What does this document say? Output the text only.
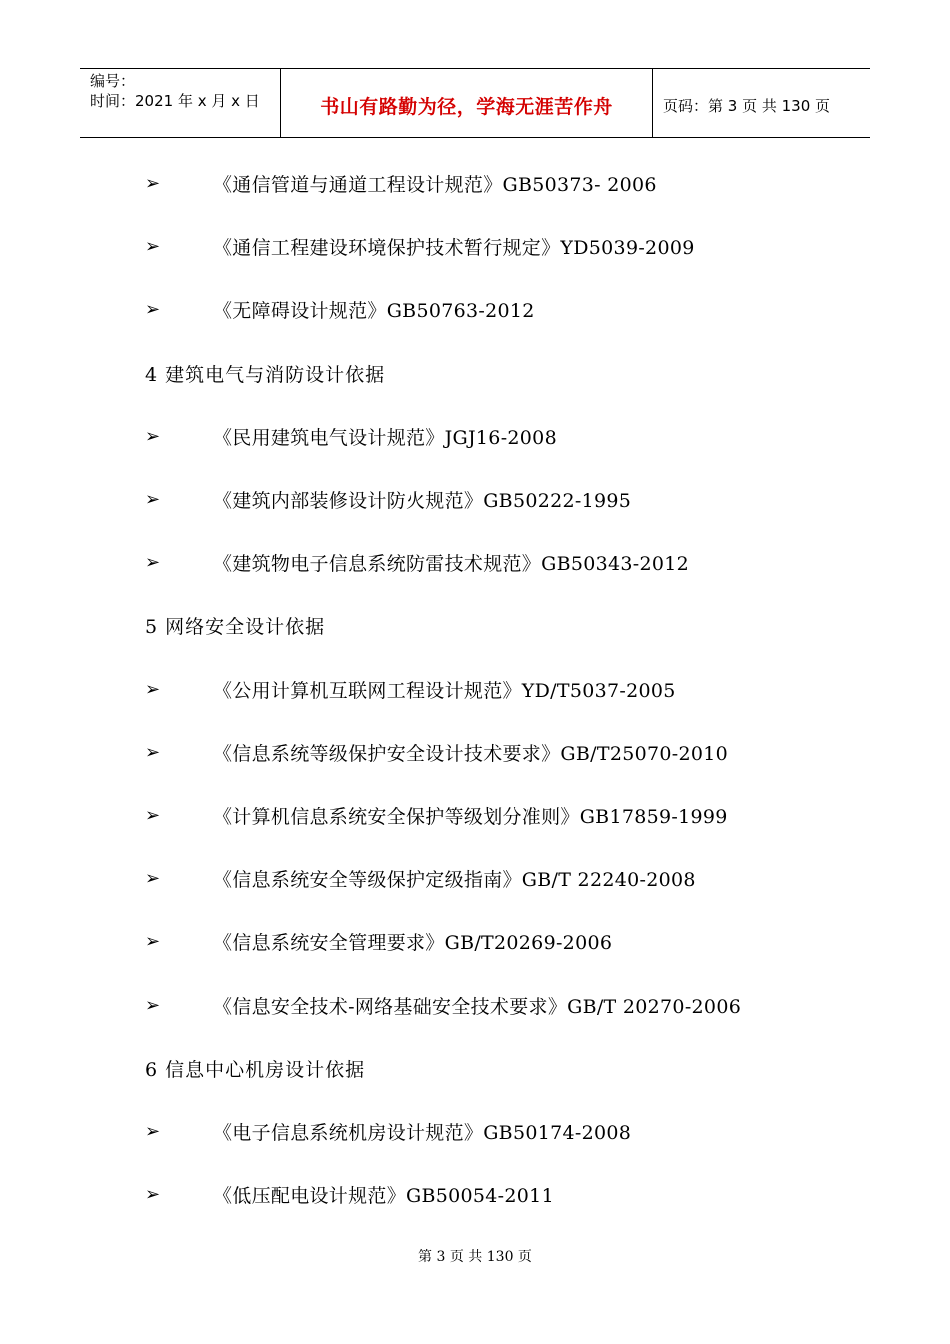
编号：
时间：2021 年 x 月 x 日	书山有路勤为径，学海无涯苦作舟	页码：第 3 页 共 130 页
➢	《通信管道与通道工程设计规范》GB50373- 2006
➢	《通信工程建设环境保护技术暂行规定》YD5039-2009
➢	《无障碍设计规范》GB50763-2012
4 建筑电气与消防设计依据
➢	《民用建筑电气设计规范》JGJ16-2008
➢	《建筑内部装修设计防火规范》GB50222-1995
➢	《建筑物电子信息系统防雷技术规范》GB50343-2012
5 网络安全设计依据
➢	《公用计算机互联网工程设计规范》YD/T5037-2005
➢	《信息系统等级保护安全设计技术要求》GB/T25070-2010
➢	《计算机信息系统安全保护等级划分准则》GB17859-1999
➢	《信息系统安全等级保护定级指南》GB/T 22240-2008
➢	《信息系统安全管理要求》GB/T20269-2006
➢	《信息安全技术-网络基础安全技术要求》GB/T 20270-2006
6 信息中心机房设计依据
➢	《电子信息系统机房设计规范》GB50174-2008
➢	《低压配电设计规范》GB50054-2011
第 3 页 共 130 页
